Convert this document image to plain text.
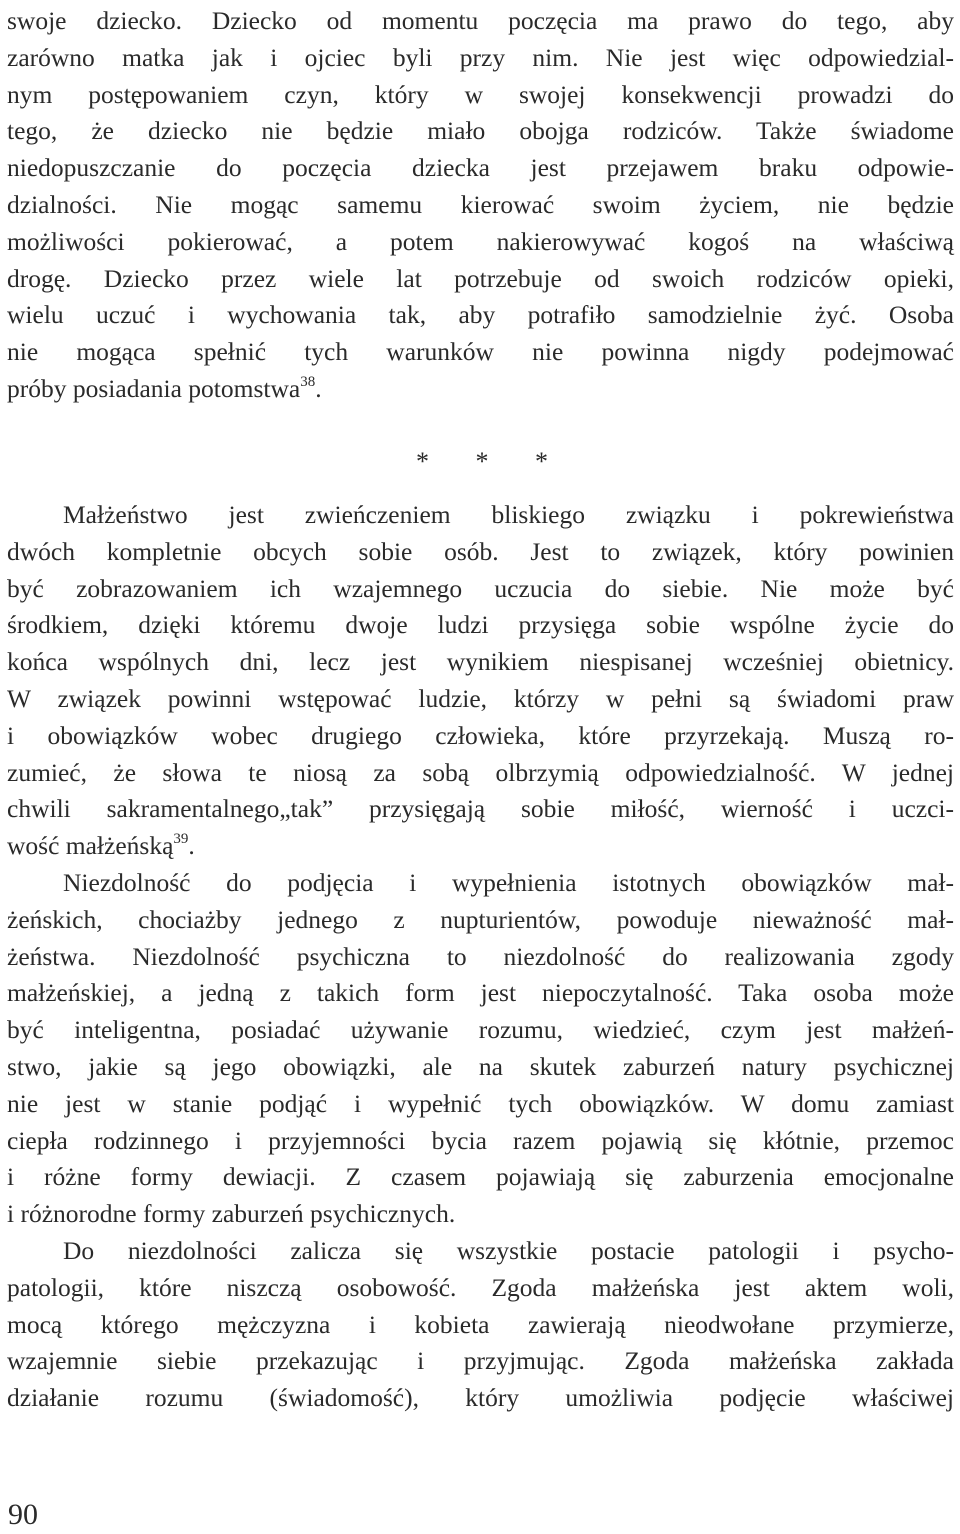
swoje dziecko. Dziecko od momentu poczęcia ma prawo do tego, aby
zarówno matka jak i ojciec byli przy nim. Nie jest więc odpowiedzial-
nym postępowaniem czyn, który w swojej konsekwencji prowadzi do
tego, że dziecko nie będzie miało obojga rodziców. Także świadome
niedopuszczanie do poczęcia dziecka jest przejawem braku odpowie-
dzialności. Nie mogąc samemu kierować swoim życiem, nie będzie
możliwości pokierować, a potem nakierowywać kogoś na właściwą
drogę. Dziecko przez wiele lat potrzebuje od swoich rodziców opieki,
wielu uczuć i wychowania tak, aby potrafiło samodzielnie żyć. Osoba
nie mogąca spełnić tych warunków nie powinna nigdy podejmować
próby posiadania potomstwa$^{38}$.
* * *
Małżeństwo jest zwieńczeniem bliskiego związku i pokrewieństwa
dwóch kompletnie obcych sobie osób. Jest to związek, który powinien
być zobrazowaniem ich wzajemnego uczucia do siebie. Nie może być
środkiem, dzięki któremu dwoje ludzi przysięga sobie wspólne życie do
końca wspólnych dni, lecz jest wynikiem niespisanej wcześniej obietnicy.
W związek powinni wstępować ludzie, którzy w pełni są świadomi praw
i obowiązków wobec drugiego człowieka, które przyrzekają. Muszą ro-
zumieć, że słowa te niosą za sobą olbrzymią odpowiedzialność. W jednej
chwili sakramentalnego„tak” przysięgają sobie miłość, wierność i uczci-
wość małżeńską$^{39}$.
Niezdolność do podjęcia i wypełnienia istotnych obowiązków mał-
żeńskich, chociażby jednego z nupturientów, powoduje nieważność mał-
żeństwa. Niezdolność psychiczna to niezdolność do realizowania zgody
małżeńskiej, a jedną z takich form jest niepoczytalność. Taka osoba może
być inteligentna, posiadać używanie rozumu, wiedzieć, czym jest małżeń-
stwo, jakie są jego obowiązki, ale na skutek zaburzeń natury psychicznej
nie jest w stanie podjąć i wypełnić tych obowiązków. W domu zamiast
ciepła rodzinnego i przyjemności bycia razem pojawią się kłótnie, przemoc
i różne formy dewiacji. Z czasem pojawiają się zaburzenia emocjonalne
i różnorodne formy zaburzeń psychicznych.
Do niezdolności zalicza się wszystkie postacie patologii i psycho-
patologii, które niszczą osobowość. Zgoda małżeńska jest aktem woli,
mocą którego mężczyzna i kobieta zawierają nieodwołane przymierze,
wzajemnie siebie przekazując i przyjmując. Zgoda małżeńska zakłada
działanie rozumu (świadomość), który umożliwia podjęcie właściwej
90
